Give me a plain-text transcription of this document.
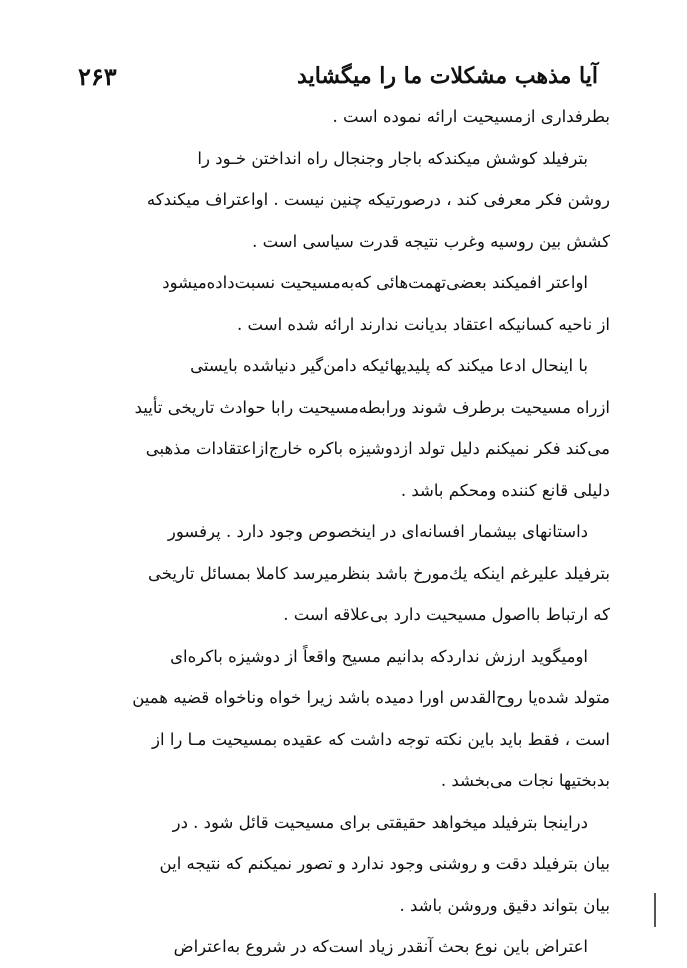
آیا مذهب مشکلات ما را میگشاید
۲۶۳
بطرفداری ازمسیحیت ارائه نموده است .
بترفیلد کوشش میکندکه باجار وجنجال راه انداختن خـود را
روشن فکر معرفی کند ، درصورتیکه چنین نیست . اواعتراف میکندکه
کشش بین روسیه وغرب نتیجه قدرت سیاسی است .
اواعتر افمیکند بعضی‌تهمت‌هائی که‌به‌مسیحیت نسبت‌داده‌میشود
از ناحیه کسانیکه اعتقاد بدیانت ندارند ارائه شده است .
با اینحال ادعا میکند که پلیدیهائیکه دامن‌گیر دنیاشده بایستی
ازراه مسیحیت برطرف شوند ورابطه‌مسیحیت رابا حوادث تاریخی تأیید
می‌کند فکر نمیکنم دلیل تولد ازدوشیزه باکره خارج‌ازاعتقادات مذهبی
دلیلی قانع کننده ومحکم باشد .
داستانهای بیشمار افسانه‌ای در اینخصوص وجود دارد . پرفسور
بترفیلد علیرغم اینکه یك‌مورخ باشد بنظرمیرسد کاملا بمسائل تاریخی
که ارتباط بااصول مسیحیت دارد بی‌علاقه است .
اومیگوید ارزش نداردکه بدانیم مسیح واقعاً از دوشیزه باکره‌ای
متولد شده‌یا روح‌القدس اورا دمیده باشد زیرا خواه وناخواه قضیه همین
است ، فقط باید باین نکته توجه داشت که عقیده بمسیحیت مـا را از
بدبختیها نجات می‌بخشد .
دراینجا بترفیلد میخواهد حقیقتی برای مسیحیت قائل شود . در
بیان بترفیلد دقت و روشنی وجود ندارد و تصور نمیکنم که نتیجه این
بیان بتواند دقیق وروشن باشد .
اعتراض باین نوع بحث آنقدر زیاد است‌که در شروع به‌اعتراض
